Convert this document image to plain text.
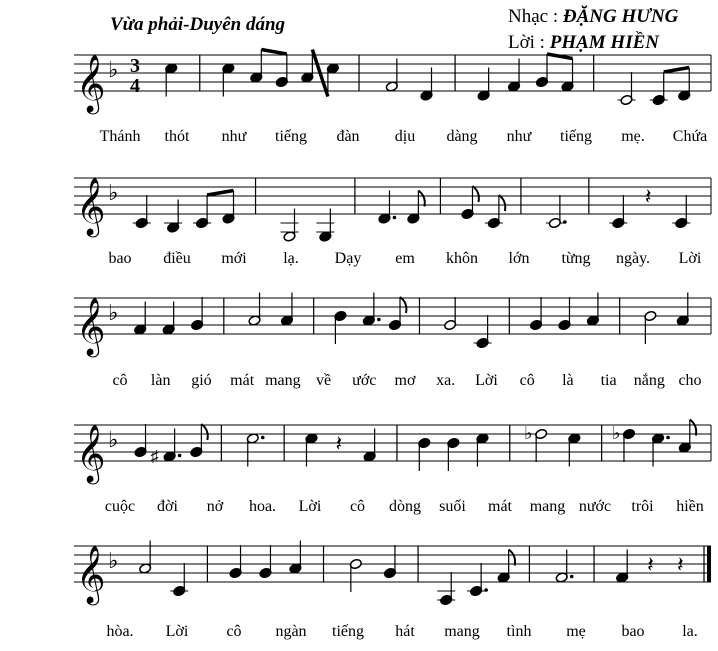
𝄞 ♭ 3
4
𝄞 ♭	𝄽
𝄞 ♭
𝄞 ♭
♯
𝄽	♭	♭
𝄞 ♭	𝄽 𝄽
Vừa phải-Duyên dáng	Nhạc : ĐẶNG HƯNG
Lời : PHẠM HIỀN
Thánh thót như tiếng đàn dịu dàng như tiếng mẹ. Chứa
bao điều mới lạ. Dạy em khôn lớn từng ngày. Lời
cô làn gió mát mang về ước mơ xa. Lời cô là tia nắng cho
cuộc đời nở hoa. Lời cô dòng suối mát mang nước trôi hiền
hòa. Lời cô ngàn tiếng hát mang tình mẹ bao la.
